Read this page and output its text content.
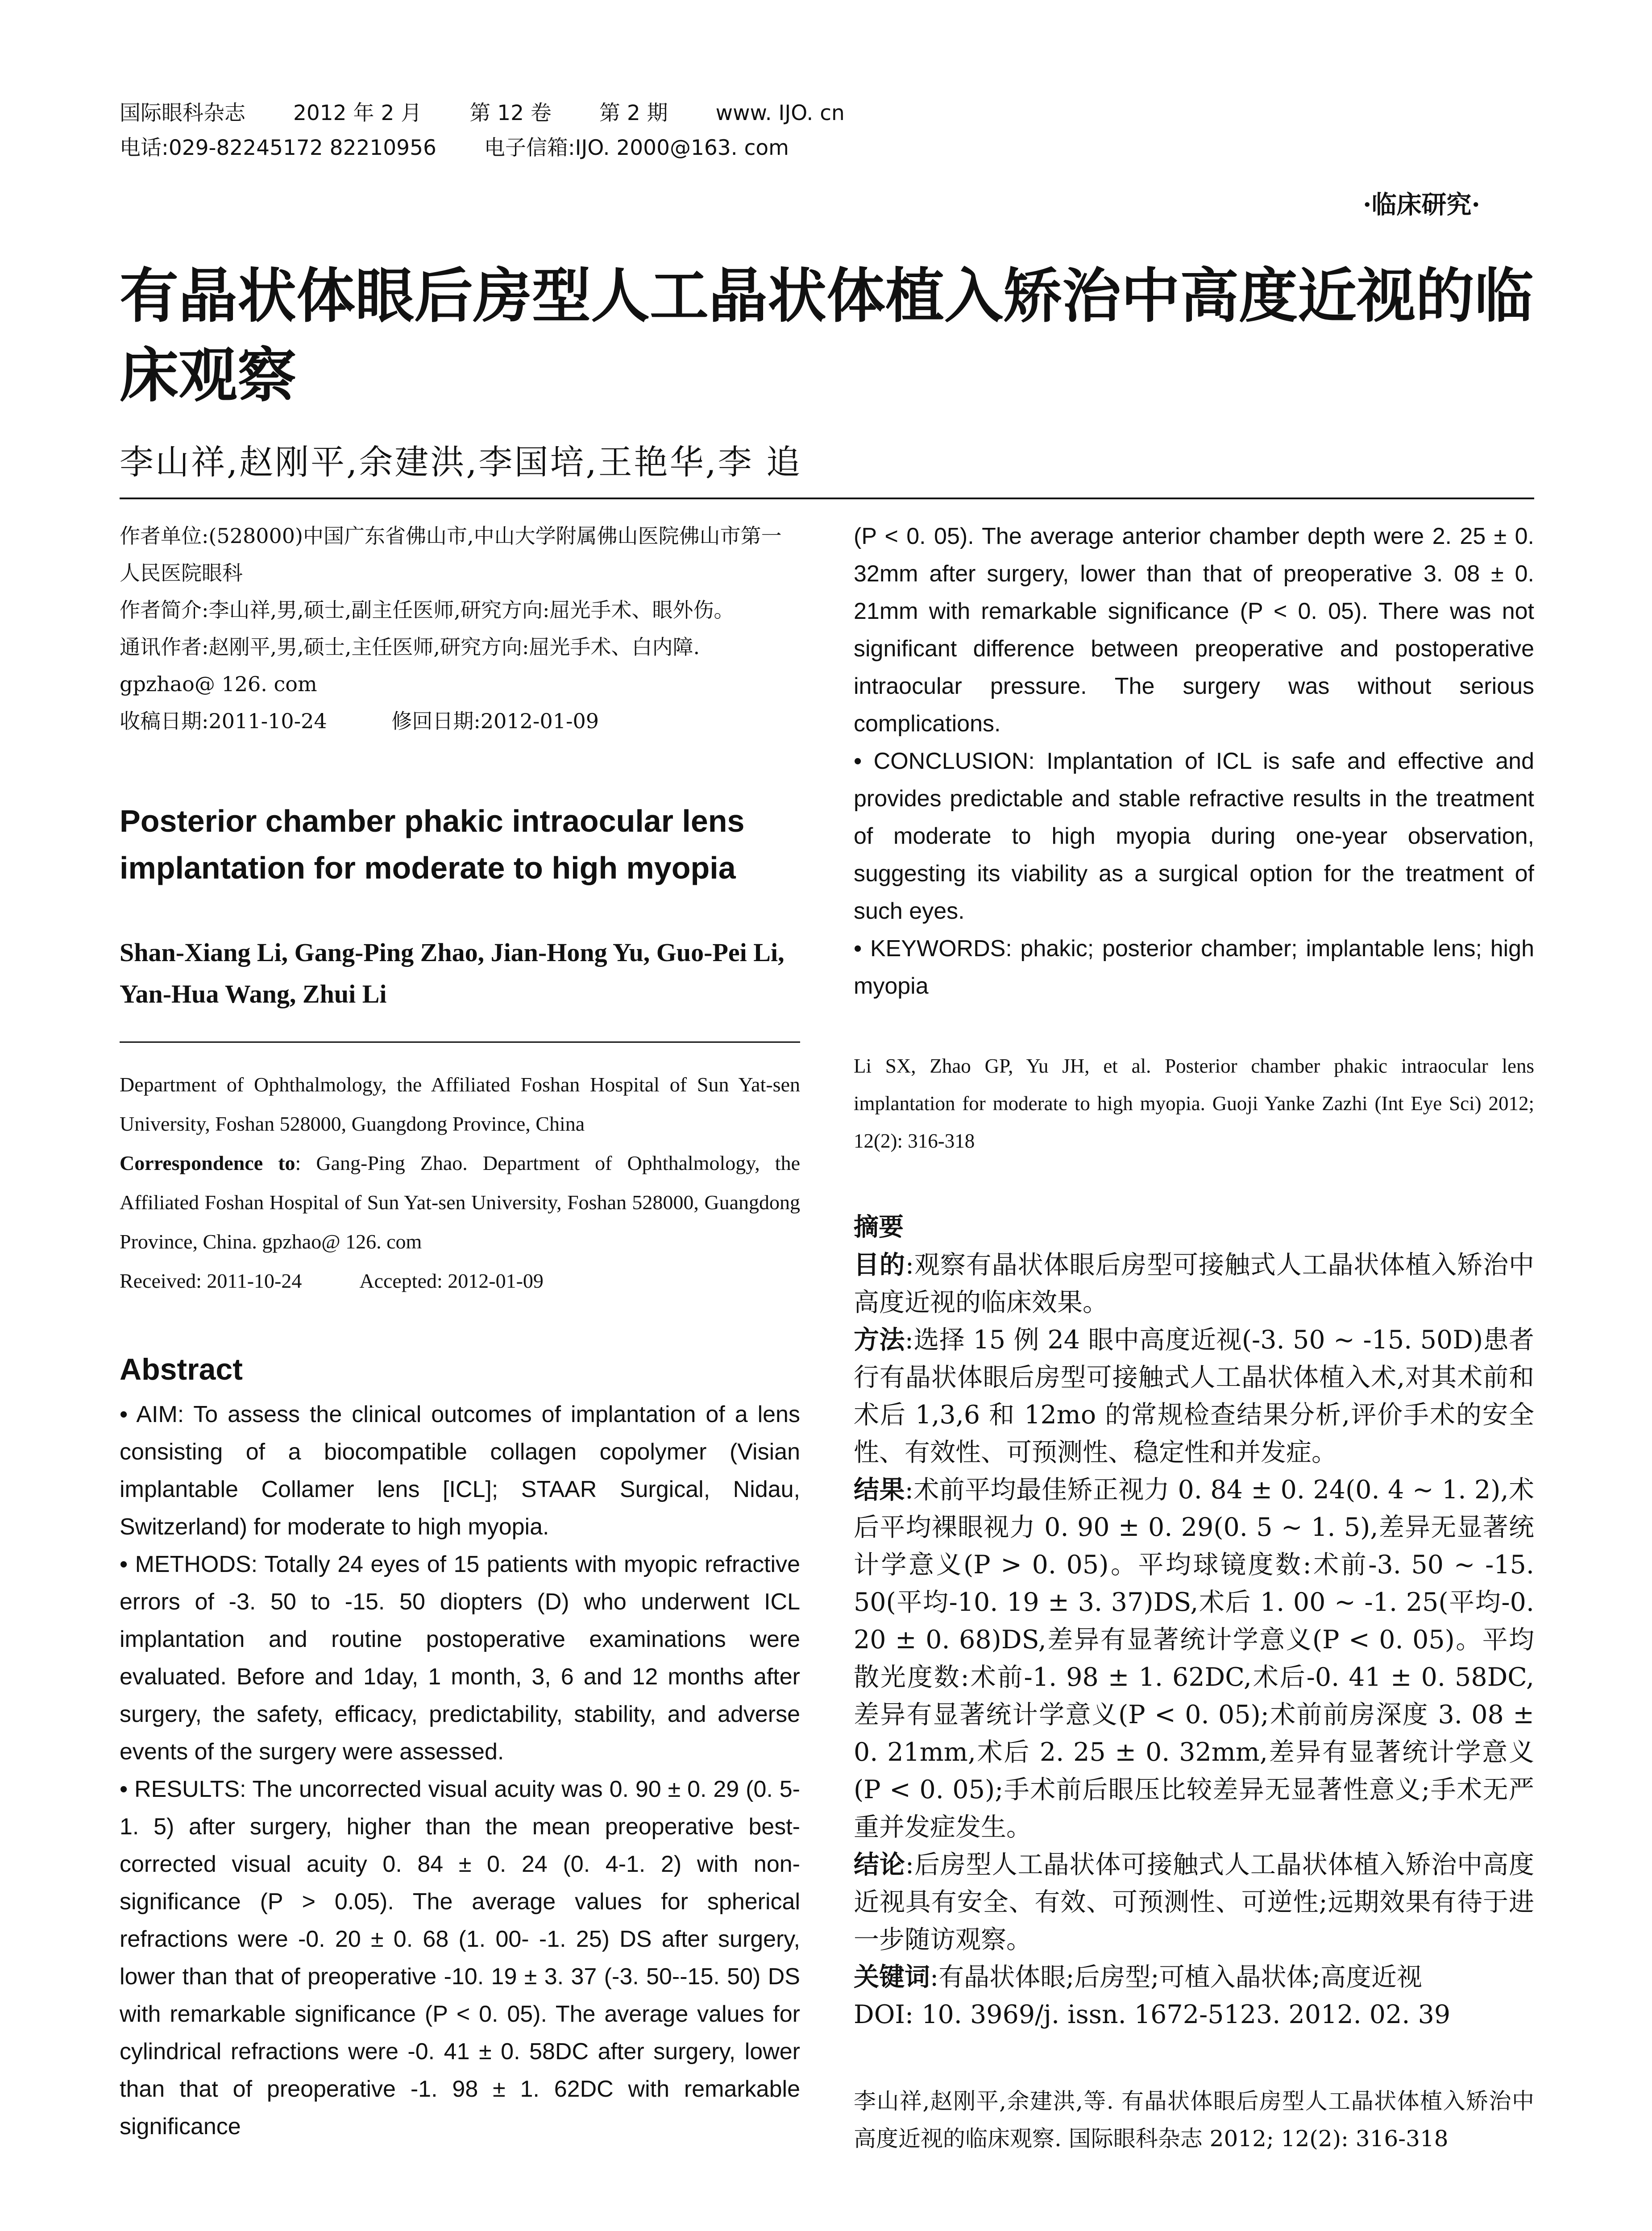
国际眼科杂志 2012 年 2 月 第 12 卷 第 2 期 www. IJO. cn
电话:029-82245172 82210956 电子信箱:IJO. 2000@163. com
·临床研究·
有晶状体眼后房型人工晶状体植入矫治中高度近视的临床观察
李山祥,赵刚平,余建洪,李国培,王艳华,李 追

作者单位:(528000)中国广东省佛山市,中山大学附属佛山医院佛山市第一人民医院眼科

作者简介:李山祥,男,硕士,副主任医师,研究方向:屈光手术、眼外伤。

通讯作者:赵刚平,男,硕士,主任医师,研究方向:屈光手术、白内障. gpzhao@ 126. com

收稿日期:2011-10-24	修回日期:2012-01-09

Posterior chamber phakic intraocular lens implantation for moderate to high myopia
Shan-Xiang Li, Gang-Ping Zhao, Jian-Hong Yu, Guo-Pei Li, Yan-Hua Wang, Zhui Li

Department of Ophthalmology, the Affiliated Foshan Hospital of Sun Yat-sen University, Foshan 528000, Guangdong Province, China

Correspondence to: Gang-Ping Zhao. Department of Ophthalmology, the Affiliated Foshan Hospital of Sun Yat-sen University, Foshan 528000, Guangdong Province, China. gpzhao@ 126. com

Received: 2011-10-24	Accepted: 2012-01-09

Abstract

• AIM: To assess the clinical outcomes of implantation of a lens consisting of a biocompatible collagen copolymer (Visian implantable Collamer lens [ICL]; STAAR Surgical, Nidau, Switzerland) for moderate to high myopia.

• METHODS: Totally 24 eyes of 15 patients with myopic refractive errors of -3. 50 to -15. 50 diopters (D) who underwent ICL implantation and routine postoperative examinations were evaluated. Before and 1day, 1 month, 3, 6 and 12 months after surgery, the safety, efficacy, predictability, stability, and adverse events of the surgery were assessed.

• RESULTS: The uncorrected visual acuity was 0. 90 ± 0. 29 (0. 5-1. 5) after surgery, higher than the mean preoperative best-corrected visual acuity 0. 84 ± 0. 24 (0. 4-1. 2) with non-significance (P > 0.05). The average values for spherical refractions were -0. 20 ± 0. 68 (1. 00- -1. 25) DS after surgery, lower than that of preoperative -10. 19 ± 3. 37 (-3. 50--15. 50) DS with remarkable significance (P < 0. 05). The average values for cylindrical refractions were -0. 41 ± 0. 58DC after surgery, lower than that of preoperative -1. 98 ± 1. 62DC with remarkable significance

(P < 0. 05). The average anterior chamber depth were 2. 25 ± 0. 32mm after surgery, lower than that of preoperative 3. 08 ± 0. 21mm with remarkable significance (P < 0. 05). There was not significant difference between preoperative and postoperative intraocular pressure. The surgery was without serious complications.

• CONCLUSION: Implantation of ICL is safe and effective and provides predictable and stable refractive results in the treatment of moderate to high myopia during one-year observation, suggesting its viability as a surgical option for the treatment of such eyes.

• KEYWORDS: phakic; posterior chamber; implantable lens; high myopia

Li SX, Zhao GP, Yu JH, et al. Posterior chamber phakic intraocular lens implantation for moderate to high myopia. Guoji Yanke Zazhi (Int Eye Sci) 2012; 12(2): 316-318

摘要

目的:观察有晶状体眼后房型可接触式人工晶状体植入矫治中高度近视的临床效果。

方法:选择 15 例 24 眼中高度近视(-3. 50 ~ -15. 50D)患者行有晶状体眼后房型可接触式人工晶状体植入术,对其术前和术后 1,3,6 和 12mo 的常规检查结果分析,评价手术的安全性、有效性、可预测性、稳定性和并发症。

结果:术前平均最佳矫正视力 0. 84 ± 0. 24(0. 4 ~ 1. 2),术后平均裸眼视力 0. 90 ± 0. 29(0. 5 ~ 1. 5),差异无显著统计学意义(P > 0. 05)。平均球镜度数:术前-3. 50 ~ -15. 50(平均-10. 19 ± 3. 37)DS,术后 1. 00 ~ -1. 25(平均-0. 20 ± 0. 68)DS,差异有显著统计学意义(P < 0. 05)。平均散光度数:术前-1. 98 ± 1. 62DC,术后-0. 41 ± 0. 58DC,差异有显著统计学意义(P < 0. 05);术前前房深度 3. 08 ± 0. 21mm,术后 2. 25 ± 0. 32mm,差异有显著统计学意义(P < 0. 05);手术前后眼压比较差异无显著性意义;手术无严重并发症发生。

结论:后房型人工晶状体可接触式人工晶状体植入矫治中高度近视具有安全、有效、可预测性、可逆性;远期效果有待于进一步随访观察。

关键词:有晶状体眼;后房型;可植入晶状体;高度近视

DOI: 10. 3969/j. issn. 1672-5123. 2012. 02. 39

李山祥,赵刚平,余建洪,等. 有晶状体眼后房型人工晶状体植入矫治中高度近视的临床观察. 国际眼科杂志 2012; 12(2): 316-318
